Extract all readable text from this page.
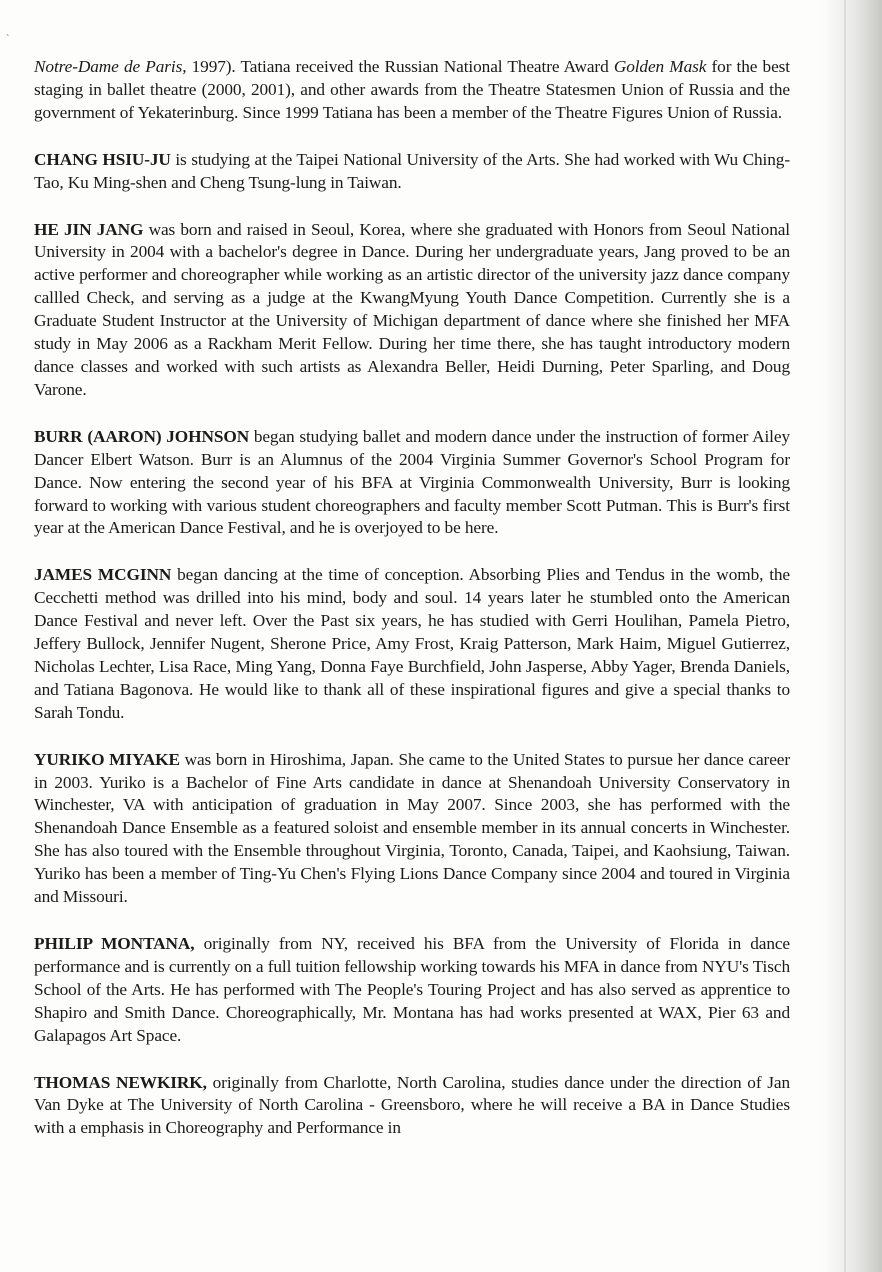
`

Notre-Dame de Paris, 1997). Tatiana received the Russian National Theatre Award Golden Mask for the best staging in ballet theatre (2000, 2001), and other awards from the Theatre Statesmen Union of Russia and the government of Yekaterinburg. Since 1999 Tatiana has been a member of the Theatre Figures Union of Russia.

CHANG HSIU-JU is studying at the Taipei National University of the Arts. She had worked with Wu Ching-Tao, Ku Ming-shen and Cheng Tsung-lung in Taiwan.

HE JIN JANG was born and raised in Seoul, Korea, where she graduated with Honors from Seoul National University in 2004 with a bachelor's degree in Dance. During her undergraduate years, Jang proved to be an active performer and choreographer while working as an artistic director of the university jazz dance company callled Check, and serving as a judge at the KwangMyung Youth Dance Competition. Currently she is a Graduate Student Instructor at the University of Michigan department of dance where she finished her MFA study in May 2006 as a Rackham Merit Fellow. During her time there, she has taught introductory modern dance classes and worked with such artists as Alexandra Beller, Heidi Durning, Peter Sparling, and Doug Varone.

BURR (AARON) JOHNSON began studying ballet and modern dance under the instruction of former Ailey Dancer Elbert Watson. Burr is an Alumnus of the 2004 Virginia Summer Governor's School Program for Dance. Now entering the second year of his BFA at Virginia Commonwealth University, Burr is looking forward to working with various student choreographers and faculty member Scott Putman. This is Burr's first year at the American Dance Festival, and he is overjoyed to be here.

JAMES MCGINN began dancing at the time of conception. Absorbing Plies and Tendus in the womb, the Cecchetti method was drilled into his mind, body and soul. 14 years later he stumbled onto the American Dance Festival and never left. Over the Past six years, he has studied with Gerri Houlihan, Pamela Pietro, Jeffery Bullock, Jennifer Nugent, Sherone Price, Amy Frost, Kraig Patterson, Mark Haim, Miguel Gutierrez, Nicholas Lechter, Lisa Race, Ming Yang, Donna Faye Burchfield, John Jasperse, Abby Yager, Brenda Daniels, and Tatiana Bagonova. He would like to thank all of these inspirational figures and give a special thanks to Sarah Tondu.

YURIKO MIYAKE was born in Hiroshima, Japan. She came to the United States to pursue her dance career in 2003. Yuriko is a Bachelor of Fine Arts candidate in dance at Shenandoah University Conservatory in Winchester, VA with anticipation of graduation in May 2007. Since 2003, she has performed with the Shenandoah Dance Ensemble as a featured soloist and ensemble member in its annual concerts in Winchester. She has also toured with the Ensemble throughout Virginia, Toronto, Canada, Taipei, and Kaohsiung, Taiwan. Yuriko has been a member of Ting-Yu Chen's Flying Lions Dance Company since 2004 and toured in Virginia and Missouri.

PHILIP MONTANA, originally from NY, received his BFA from the University of Florida in dance performance and is currently on a full tuition fellowship working towards his MFA in dance from NYU's Tisch School of the Arts. He has performed with The People's Touring Project and has also served as apprentice to Shapiro and Smith Dance. Choreographically, Mr. Montana has had works presented at WAX, Pier 63 and Galapagos Art Space.

THOMAS NEWKIRK, originally from Charlotte, North Carolina, studies dance under the direction of Jan Van Dyke at The University of North Carolina - Greensboro, where he will receive a BA in Dance Studies with a emphasis in Choreography and Performance in
